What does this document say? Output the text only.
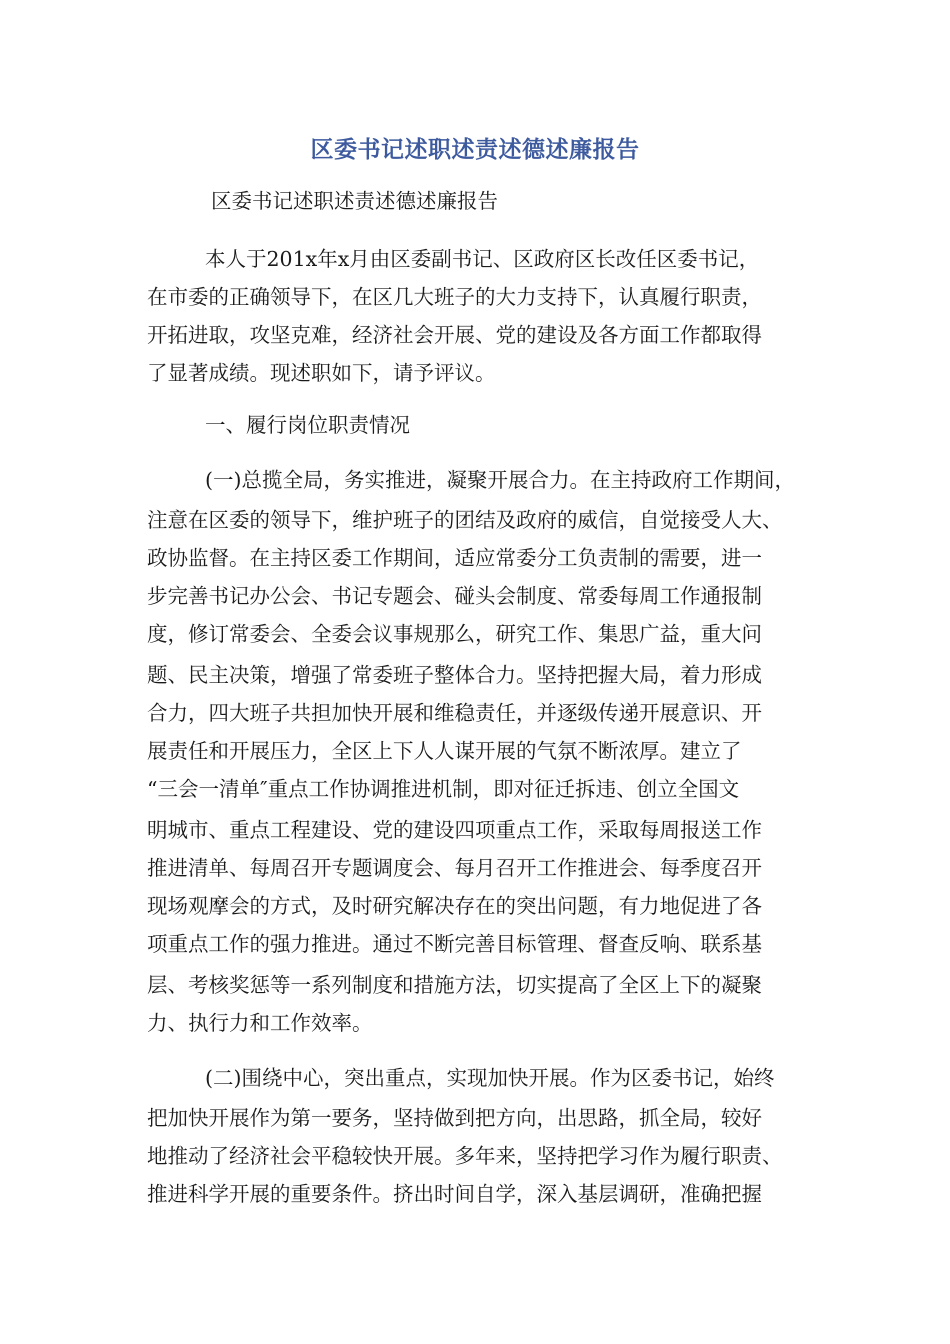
区委书记述职述责述德述廉报告
区委书记述职述责述德述廉报告
本人于201x年x月由区委副书记、区政府区长改任区委书记，
在市委的正确领导下，在区几大班子的大力支持下，认真履行职责，
开拓进取，攻坚克难，经济社会开展、党的建设及各方面工作都取得
了显著成绩。现述职如下，请予评议。
一、履行岗位职责情况
(一)总揽全局，务实推进，凝聚开展合力。在主持政府工作期间，
注意在区委的领导下，维护班子的团结及政府的威信，自觉接受人大、
政协监督。在主持区委工作期间，适应常委分工负责制的需要，进一
步完善书记办公会、书记专题会、碰头会制度、常委每周工作通报制
度，修订常委会、全委会议事规那么，研究工作、集思广益，重大问
题、民主决策，增强了常委班子整体合力。坚持把握大局，着力形成
合力，四大班子共担加快开展和维稳责任，并逐级传递开展意识、开
展责任和开展压力，全区上下人人谋开展的气氛不断浓厚。建立了
“三会一清单″重点工作协调推进机制，即对征迁拆违、创立全国文
明城市、重点工程建设、党的建设四项重点工作，采取每周报送工作
推进清单、每周召开专题调度会、每月召开工作推进会、每季度召开
现场观摩会的方式，及时研究解决存在的突出问题，有力地促进了各
项重点工作的强力推进。通过不断完善目标管理、督查反响、联系基
层、考核奖惩等一系列制度和措施方法，切实提高了全区上下的凝聚
力、执行力和工作效率。
(二)围绕中心，突出重点，实现加快开展。作为区委书记，始终
把加快开展作为第一要务，坚持做到把方向，出思路，抓全局，较好
地推动了经济社会平稳较快开展。多年来，坚持把学习作为履行职责、
推进科学开展的重要条件。挤出时间自学，深入基层调研，准确把握
